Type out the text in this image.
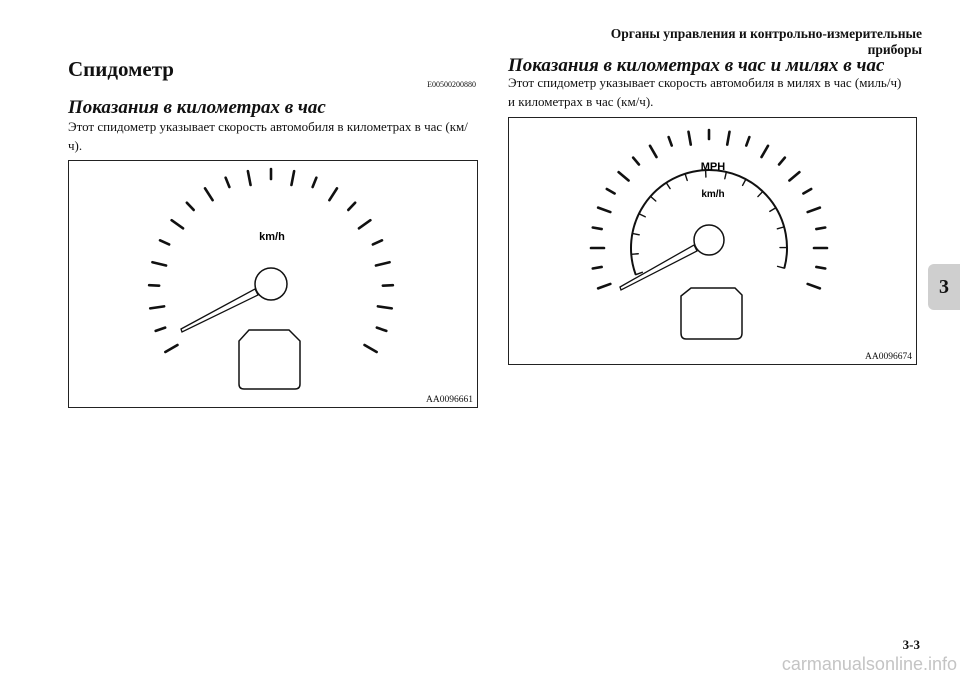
Органы управления и контрольно-измерительные приборы
Спидометр
E00500200880
Показания в километрах в час
Этот спидометр указывает скорость автомобиля в километрах в час (км/ч).
km/h
AA0096661
Показания в километрах в час и милях в час
Этот спидометр указывает скорость автомобиля в милях в час (миль/ч) и километрах в час (км/ч).
MPH
km/h
AA0096674
3
3-3
carmanualsonline.info
